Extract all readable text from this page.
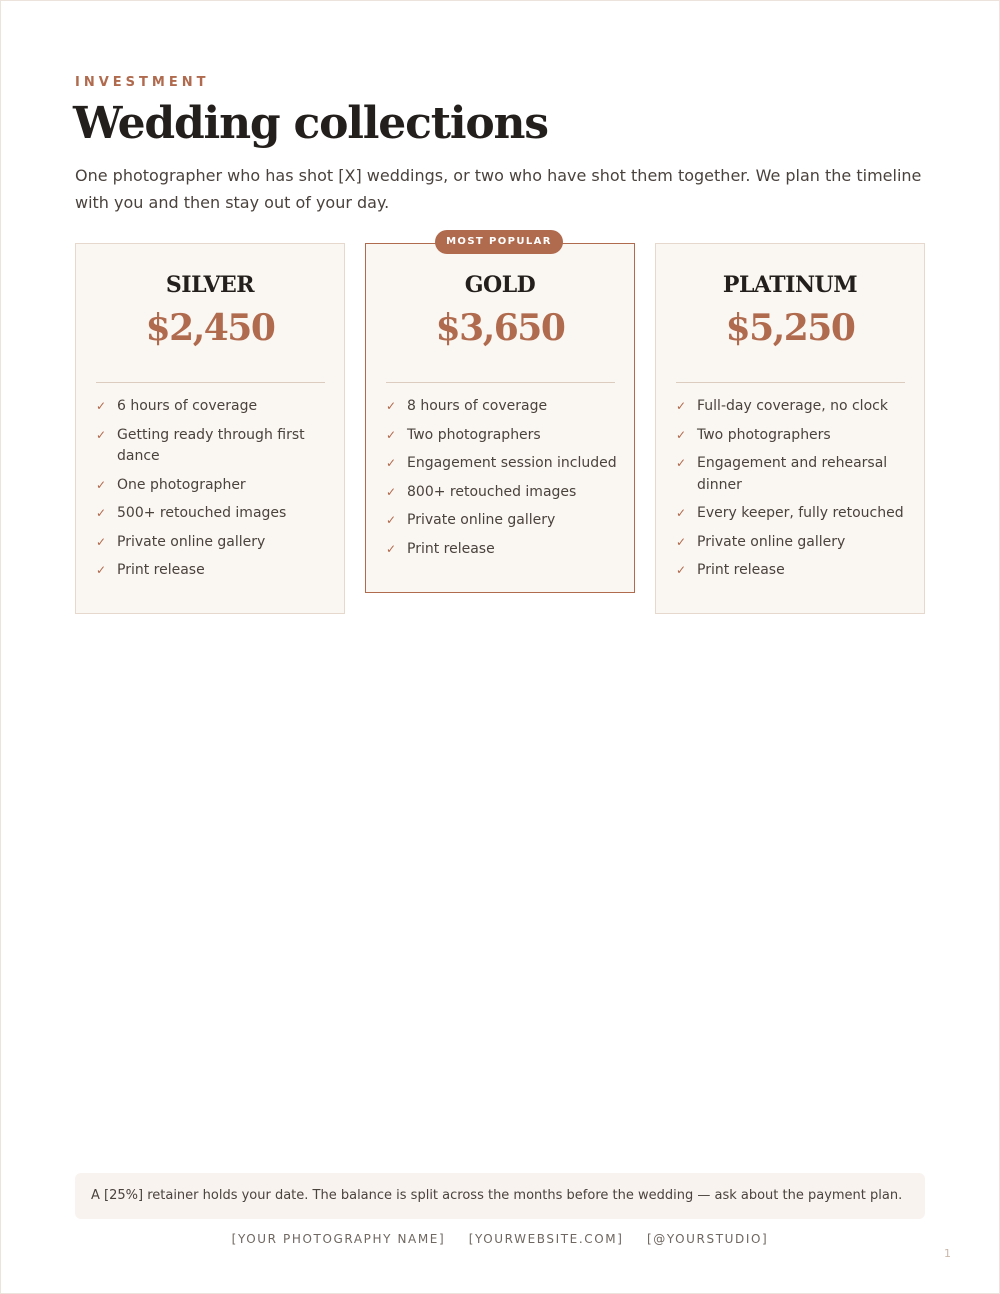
INVESTMENT
Wedding collections

One photographer who has shot [X] weddings, or two who have shot them together. We plan the timeline with you and then stay out of your day.

MOST POPULAR
SILVER
$2,450
✓ 6 hours of coverage
✓ Getting ready through first dance
✓ One photographer
✓ 500+ retouched images
✓ Private online gallery
✓ Print release
GOLD
$3,650
✓ 8 hours of coverage
✓ Two photographers
✓ Engagement session included
✓ 800+ retouched images
✓ Private online gallery
✓ Print release
PLATINUM
$5,250
✓ Full-day coverage, no clock
✓ Two photographers
✓ Engagement and rehearsal dinner
✓ Every keeper, fully retouched
✓ Private online gallery
✓ Print release
A [25%] retainer holds your date. The balance is split across the months before the wedding — ask about the payment plan.
[YOUR PHOTOGRAPHY NAME] [YOURWEBSITE.COM] [@YOURSTUDIO]
1
